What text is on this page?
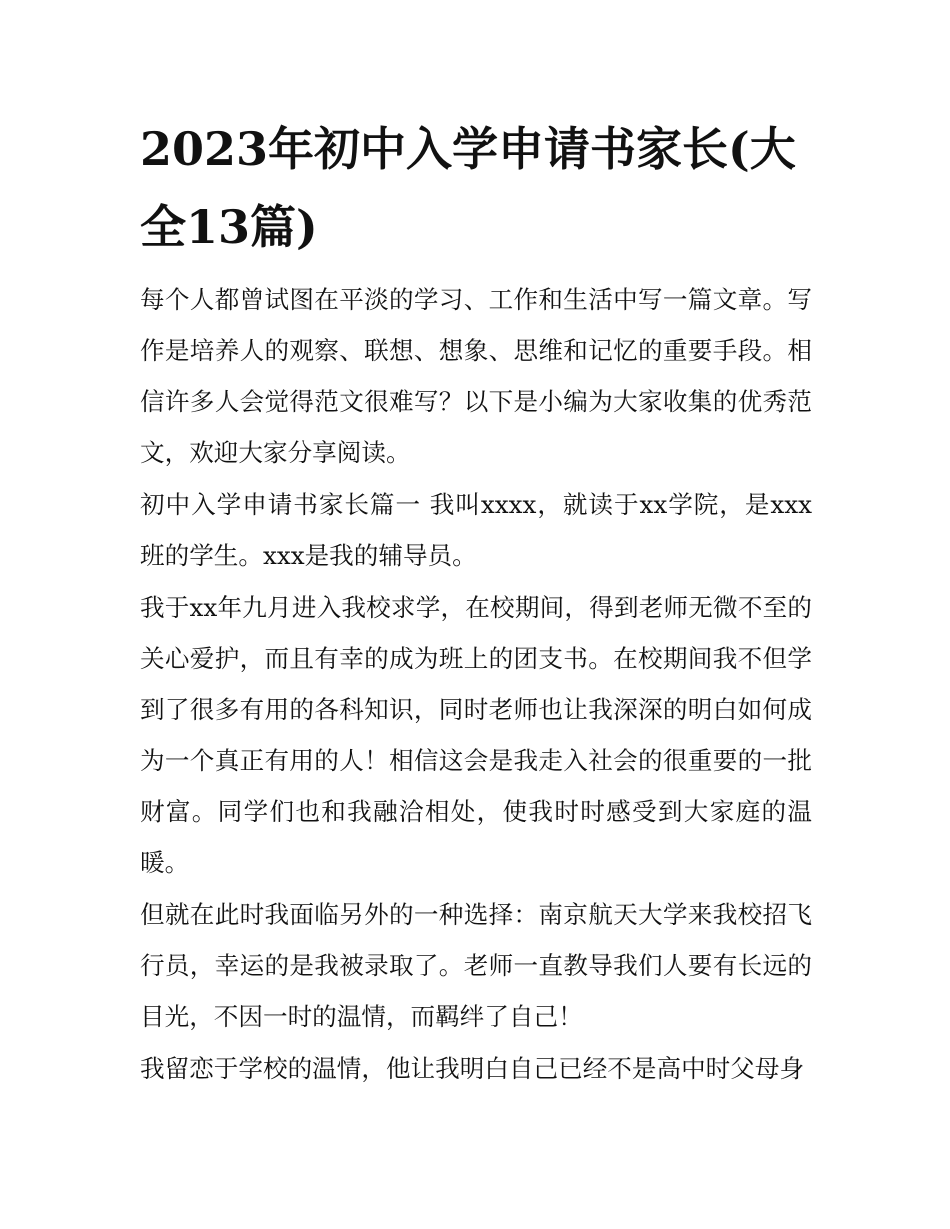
2023年初中入学申请书家长(大全13篇)

每个人都曾试图在平淡的学习、工作和生活中写一篇文章。写作是培养人的观察、联想、想象、思维和记忆的重要手段。相信许多人会觉得范文很难写？以下是小编为大家收集的优秀范文，欢迎大家分享阅读。

初中入学申请书家长篇一 我叫xxxx，就读于xx学院，是xxx班的学生。xxx是我的辅导员。

我于xx年九月进入我校求学，在校期间，得到老师无微不至的关心爱护，而且有幸的成为班上的团支书。在校期间我不但学到了很多有用的各科知识，同时老师也让我深深的明白如何成为一个真正有用的人！相信这会是我走入社会的很重要的一批财富。同学们也和我融洽相处，使我时时感受到大家庭的温暖。

但就在此时我面临另外的一种选择：南京航天大学来我校招飞行员，幸运的是我被录取了。老师一直教导我们人要有长远的目光，不因一时的温情，而羁绊了自己！

我留恋于学校的温情，他让我明白自己已经不是高中时父母身
